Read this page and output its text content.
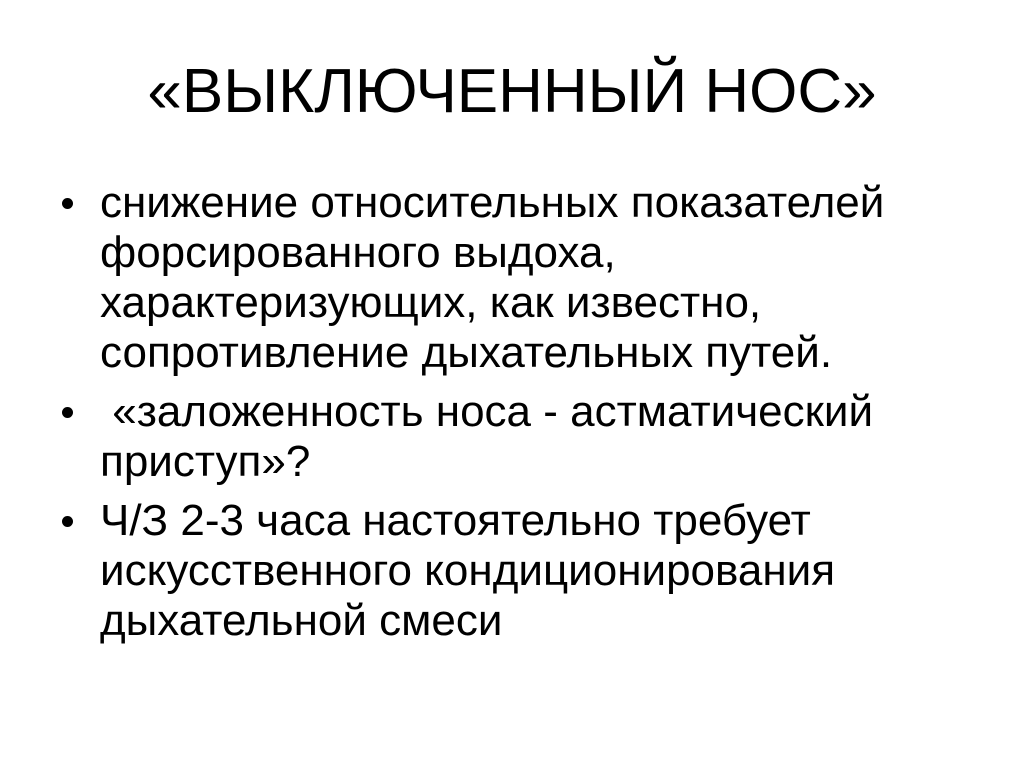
«ВЫКЛЮЧЕННЫЙ НОС»
снижение относительных показателей
форсированного выдоха,
характеризующих, как известно,
сопротивление дыхательных путей.
«заложенность носа - астматический
приступ»?
Ч/З 2-3 часа настоятельно требует
искусственного кондиционирования
дыхательной смеси
